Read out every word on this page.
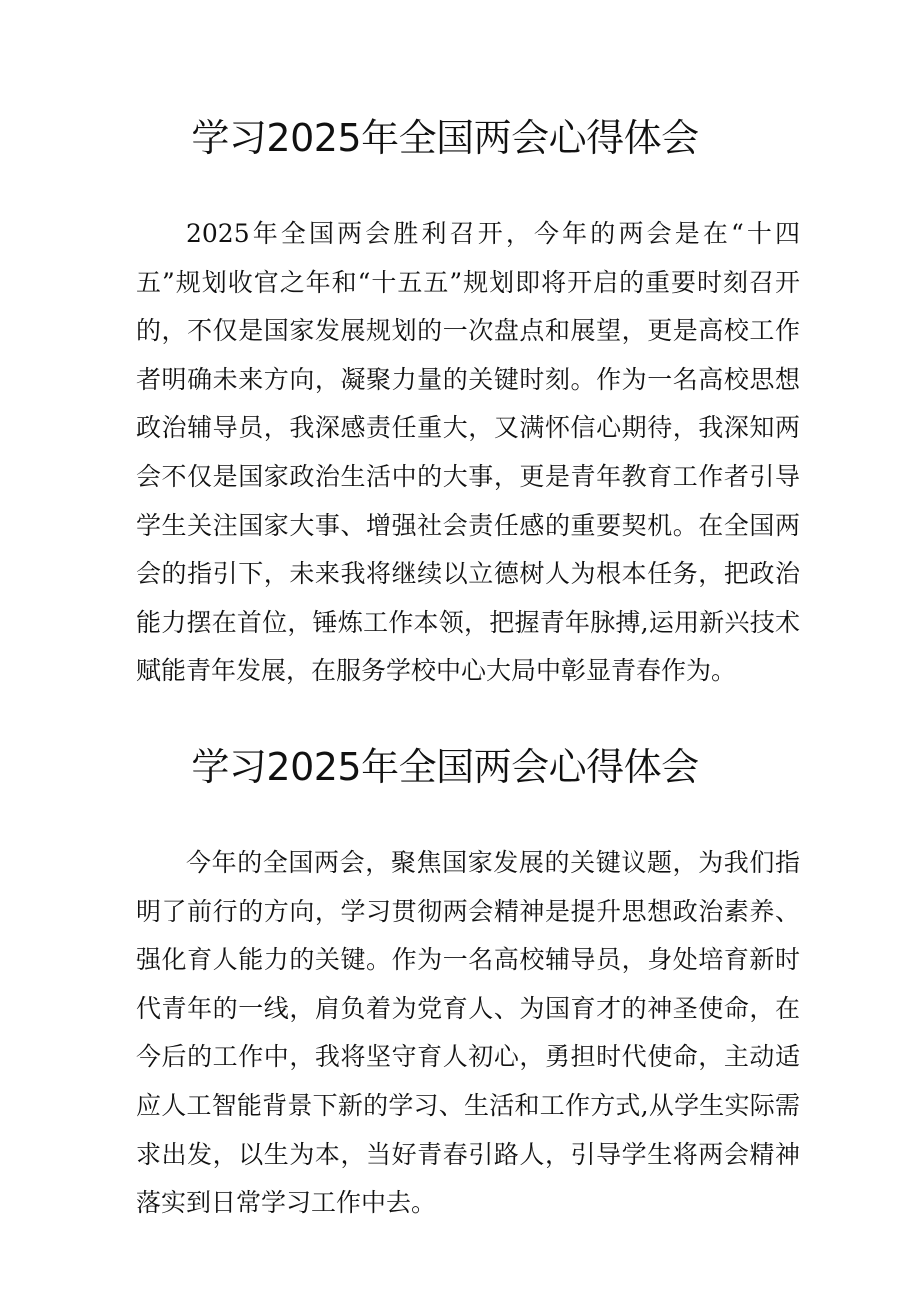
学习2025年全国两会心得体会

2025年全国两会胜利召开，今年的两会是在“十四五”规划收官之年和“十五五”规划即将开启的重要时刻召开的，不仅是国家发展规划的一次盘点和展望，更是高校工作者明确未来方向，凝聚力量的关键时刻。作为一名高校思想政治辅导员，我深感责任重大，又满怀信心期待，我深知两会不仅是国家政治生活中的大事，更是青年教育工作者引导学生关注国家大事、增强社会责任感的重要契机。在全国两会的指引下，未来我将继续以立德树人为根本任务，把政治能力摆在首位，锤炼工作本领，把握青年脉搏,运用新兴技术赋能青年发展，在服务学校中心大局中彰显青春作为。

学习2025年全国两会心得体会

今年的全国两会，聚焦国家发展的关键议题，为我们指明了前行的方向，学习贯彻两会精神是提升思想政治素养、强化育人能力的关键。作为一名高校辅导员，身处培育新时代青年的一线，肩负着为党育人、为国育才的神圣使命，在今后的工作中，我将坚守育人初心，勇担时代使命，主动适应人工智能背景下新的学习、生活和工作方式,从学生实际需求出发，以生为本，当好青春引路人，引导学生将两会精神落实到日常学习工作中去。
